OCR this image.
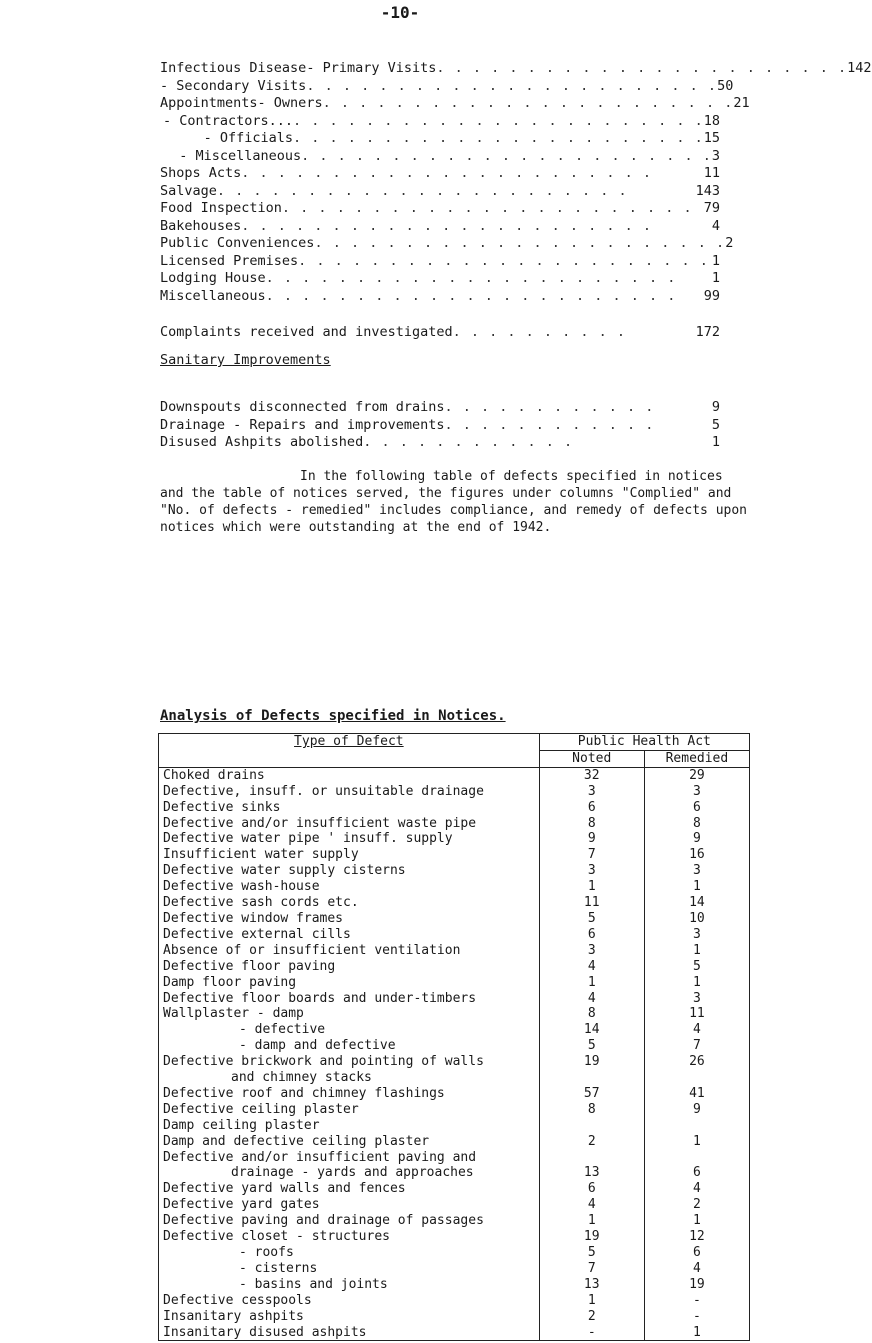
-10-
Infectious Disease - Primary Visits . . . . . . . . . . . . . . . . . . . . . . . 142
- Secondary Visits . . . . . . . . . . . . . . . . . . . . . . . 50
Appointments - Owners . . . . . . . . . . . . . . . . . . . . . . . 21
- Contractors... . . . . . . . . . . . . . . . . . . . . . . . 18
- Officials . . . . . . . . . . . . . . . . . . . . . . . 15
- Miscellaneous . . . . . . . . . . . . . . . . . . . . . . . 3
Shops Acts . . . . . . . . . . . . . . . . . . . . . . .	11
Salvage . . . . . . . . . . . . . . . . . . . . . . .	143
Food Inspection . . . . . . . . . . . . . . . . . . . . . . . 79
Bakehouses . . . . . . . . . . . . . . . . . . . . . . .	4
Public Conveniences . . . . . . . . . . . . . . . . . . . . . . . 2
Licensed Premises . . . . . . . . . . . . . . . . . . . . . . . 1
Lodging House . . . . . . . . . . . . . . . . . . . . . . .	1
Miscellaneous . . . . . . . . . . . . . . . . . . . . . . .	99
Complaints received and investigated . . . . . . . . . .	172
Sanitary Improvements
Downspouts disconnected from drains . . . . . . . . . . . .	9
Drainage - Repairs and improvements . . . . . . . . . . . .	5
Disused Ashpits abolished . . . . . . . . . . . .	1

In the following table of defects specified in notices and the table of notices served, the figures under columns "Complied" and "No. of defects - remedied" includes compliance, and remedy of defects upon notices which were outstanding at the end of 1942.

Analysis of Defects specified in Notices.
Type of Defect	Public Health Act	
	Noted	Remedied
Choked drains	32	29
Defective, insuff. or unsuitable drainage	3	3
Defective sinks	6	6
Defective and/or insufficient waste pipe	8	8
Defective water pipe ' insuff. supply	9	9
Insufficient water supply	7	16
Defective water supply cisterns	3	3
Defective wash-house	1	1
Defective sash cords etc.	11	14
Defective window frames	5	10
Defective external cills	6	3
Absence of or insufficient ventilation	3	1
Defective floor paving	4	5
Damp floor paving	1	1
Defective floor boards and under-timbers	4	3
Wallplaster - damp	8	11
- defective	14	4
- damp and defective	5	7
Defective brickwork and pointing of walls	19	26
and chimney stacks		
Defective roof and chimney flashings	57	41
Defective ceiling plaster	8	9
Damp ceiling plaster		
Damp and defective ceiling plaster	2	1
Defective and/or insufficient paving and		
drainage - yards and approaches	13	6
Defective yard walls and fences	6	4
Defective yard gates	4	2
Defective paving and drainage of passages	1	1
Defective closet - structures	19	12
- roofs	5	6
- cisterns	7	4
- basins and joints	13	19
Defective cesspools	1	-
Insanitary ashpits	2	-
Insanitary disused ashpits	-	1
